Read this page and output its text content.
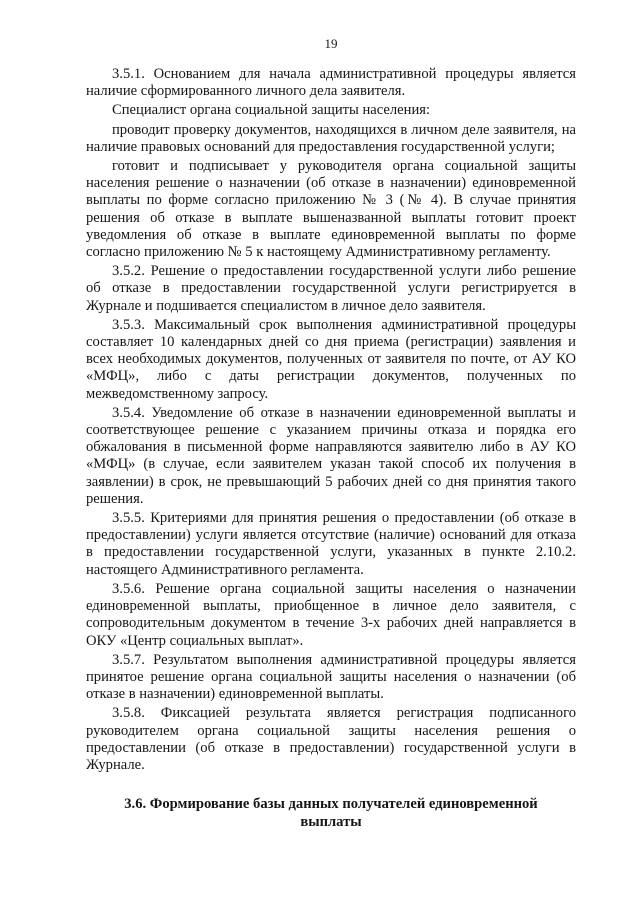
19

3.5.1. Основанием для начала административной процедуры является наличие сформированного личного дела заявителя.

Специалист органа социальной защиты населения:

проводит проверку документов, находящихся в личном деле заявителя, на наличие правовых оснований для предоставления государственной услуги;

готовит и подписывает у руководителя органа социальной защиты населения решение о назначении (об отказе в назначении) единовременной выплаты по форме согласно приложению № 3 (№ 4). В случае принятия решения об отказе в выплате вышеназванной выплаты готовит проект уведомления об отказе в выплате единовременной выплаты по форме согласно приложению № 5 к настоящему Административному регламенту.

3.5.2. Решение о предоставлении государственной услуги либо решение об отказе в предоставлении государственной услуги регистрируется в Журнале и подшивается специалистом в личное дело заявителя.

3.5.3. Максимальный срок выполнения административной процедуры составляет 10 календарных дней со дня приема (регистрации) заявления и всех необходимых документов, полученных от заявителя по почте, от АУ КО «МФЦ», либо с даты регистрации документов, полученных по межведомственному запросу.

3.5.4. Уведомление об отказе в назначении единовременной выплаты и соответствующее решение с указанием причины отказа и порядка его обжалования в письменной форме направляются заявителю либо в АУ КО «МФЦ» (в случае, если заявителем указан такой способ их получения в заявлении) в срок, не превышающий 5 рабочих дней со дня принятия такого решения.

3.5.5. Критериями для принятия решения о предоставлении (об отказе в предоставлении) услуги является отсутствие (наличие) оснований для отказа в предоставлении государственной услуги, указанных в пункте 2.10.2. настоящего Административного регламента.

3.5.6. Решение органа социальной защиты населения о назначении единовременной выплаты, приобщенное в личное дело заявителя, с сопроводительным документом в течение 3-х рабочих дней направляется в ОКУ «Центр социальных выплат».

3.5.7. Результатом выполнения административной процедуры является принятое решение органа социальной защиты населения о назначении (об отказе в назначении) единовременной выплаты.

3.5.8. Фиксацией результата является регистрация подписанного руководителем органа социальной защиты населения решения о предоставлении (об отказе в предоставлении) государственной услуги в Журнале.

3.6. Формирование базы данных получателей единовременной выплаты
